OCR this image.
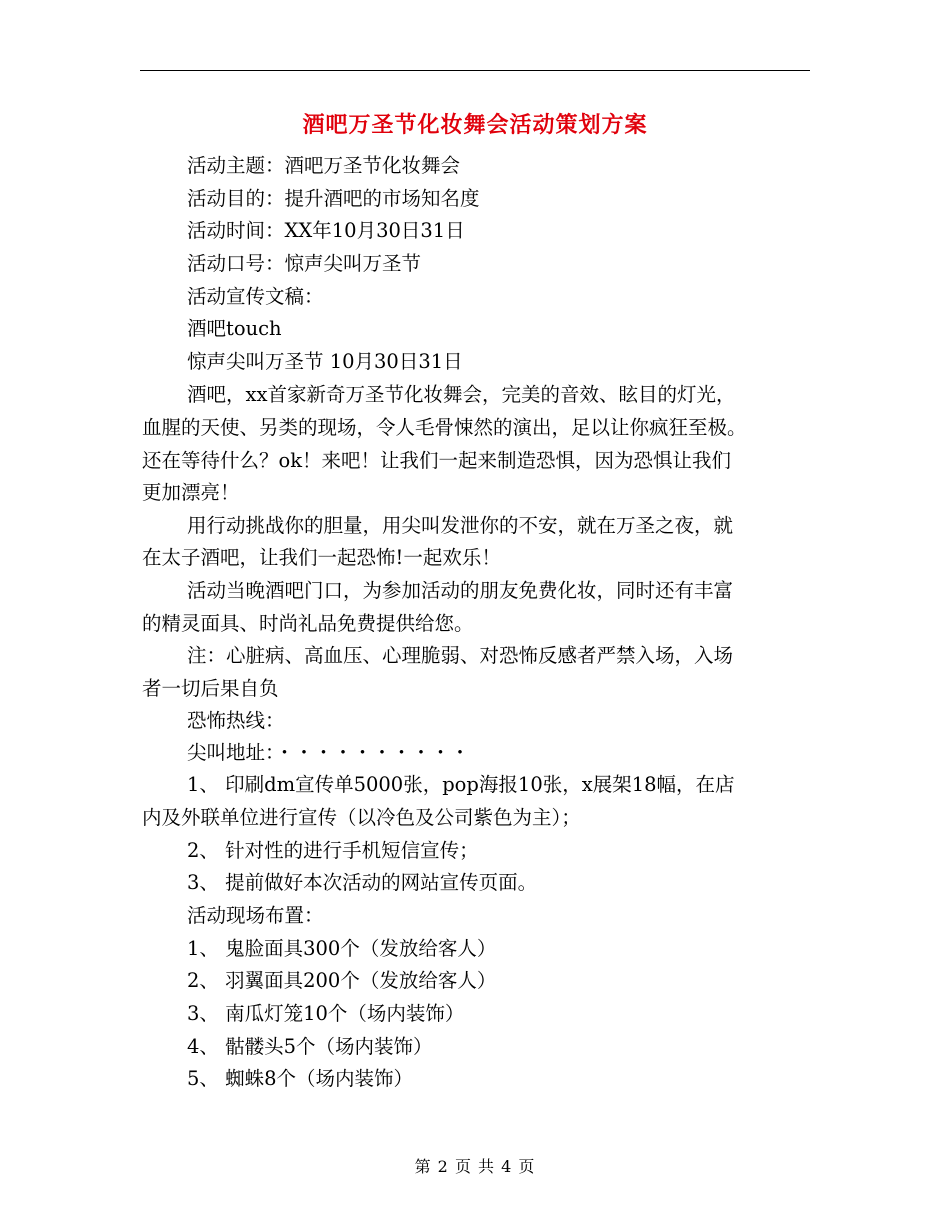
酒吧万圣节化妆舞会活动策划方案
活动主题：酒吧万圣节化妆舞会
活动目的：提升酒吧的市场知名度
活动时间：XX年10月30日31日
活动口号：惊声尖叫万圣节
活动宣传文稿：
酒吧touch
惊声尖叫万圣节 10月30日31日
酒吧，xx首家新奇万圣节化妆舞会，完美的音效、眩目的灯光，
血腥的天使、另类的现场，令人毛骨悚然的演出，足以让你疯狂至极。
还在等待什么？ok！来吧！让我们一起来制造恐惧，因为恐惧让我们
更加漂亮！
用行动挑战你的胆量，用尖叫发泄你的不安，就在万圣之夜，就
在太子酒吧，让我们一起恐怖!一起欢乐！
活动当晚酒吧门口，为参加活动的朋友免费化妆，同时还有丰富
的精灵面具、时尚礼品免费提供给您。
注：心脏病、高血压、心理脆弱、对恐怖反感者严禁入场，入场
者一切后果自负
恐怖热线：
尖叫地址：・・・・・・・・・・
1、 印刷dm宣传单5000张，pop海报10张，x展架18幅，在店
内及外联单位进行宣传（以冷色及公司紫色为主）；
2、 针对性的进行手机短信宣传；
3、 提前做好本次活动的网站宣传页面。
活动现场布置：
1、 鬼脸面具300个（发放给客人）
2、 羽翼面具200个（发放给客人）
3、 南瓜灯笼10个（场内装饰）
4、 骷髅头5个（场内装饰）
5、 蜘蛛8个（场内装饰）
第 2 页 共 4 页
